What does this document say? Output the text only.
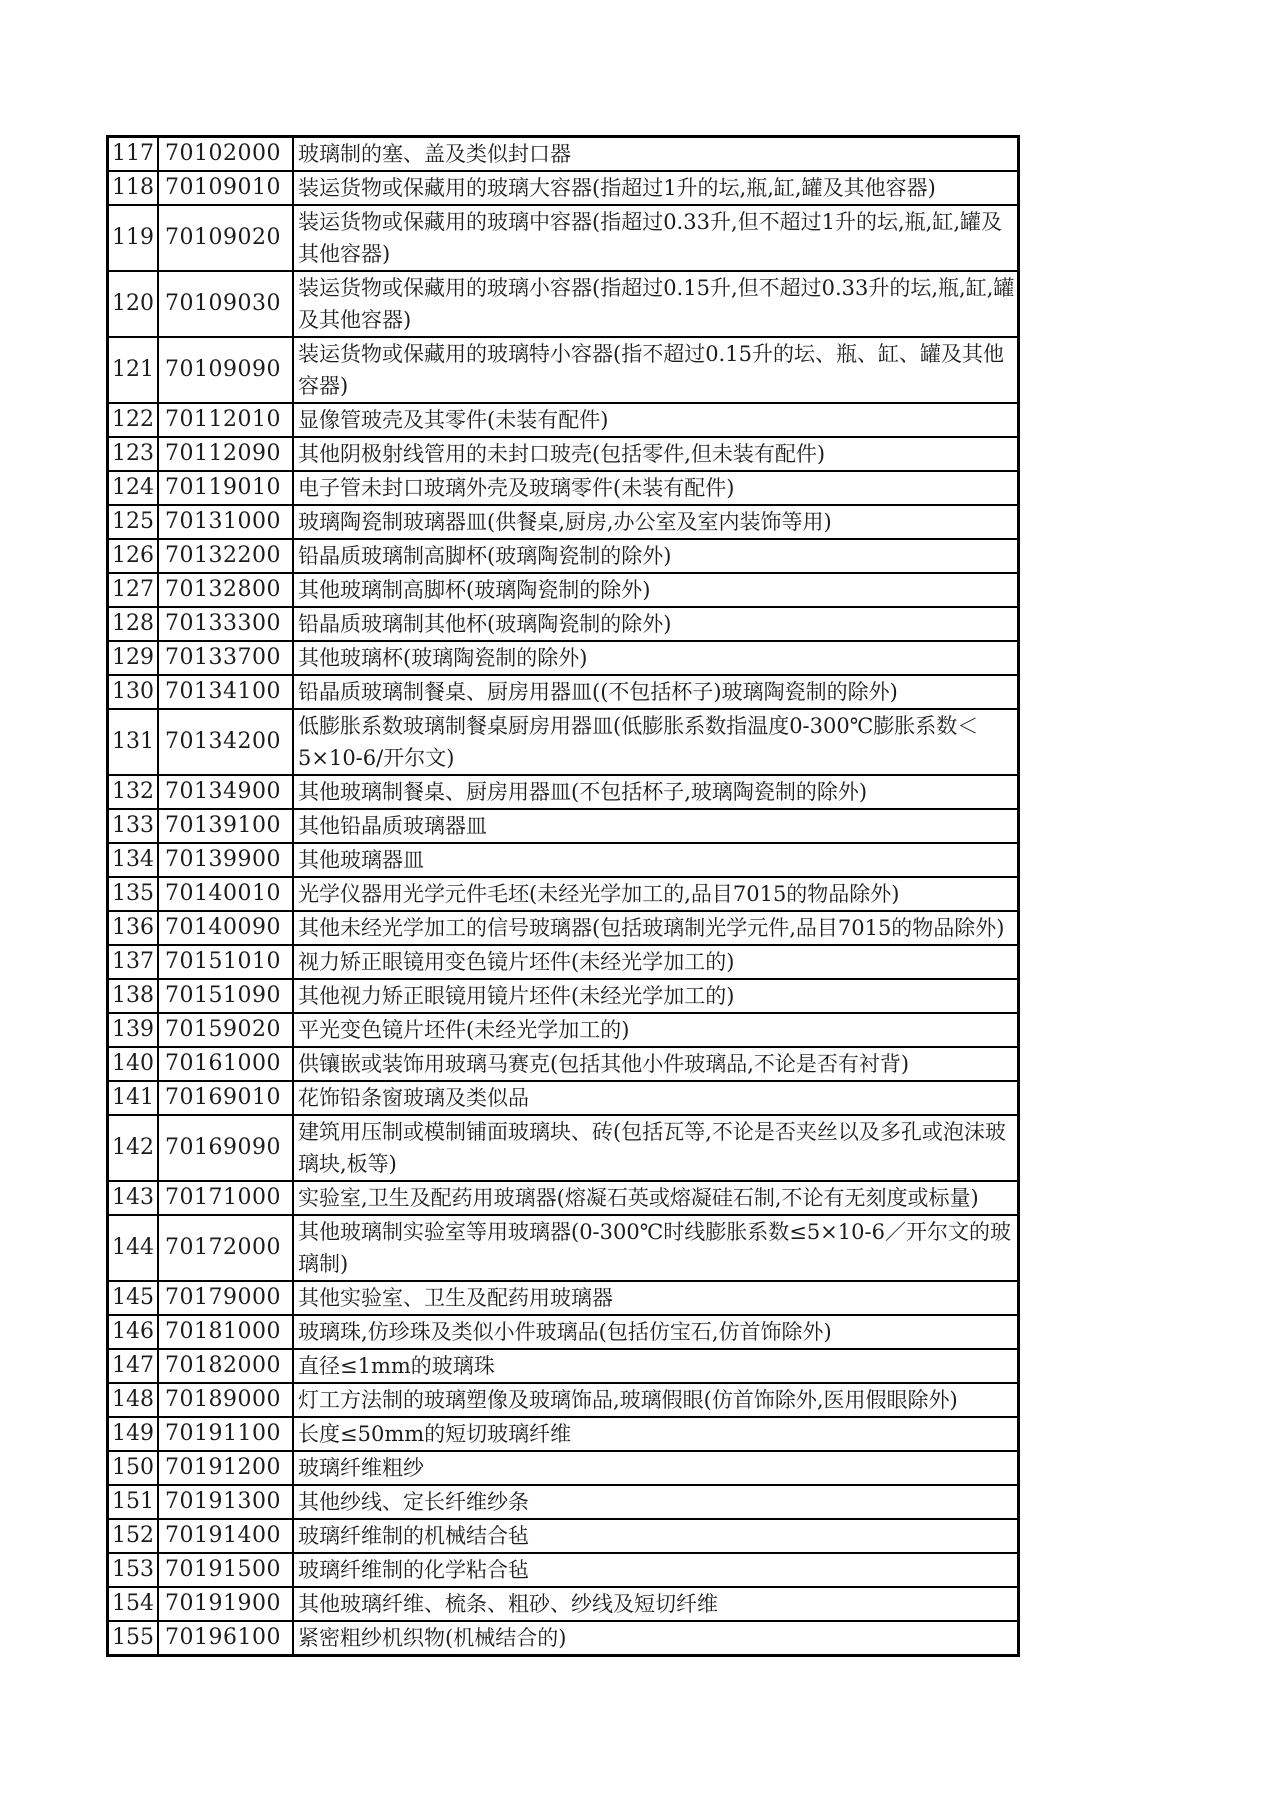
117	70102000	玻璃制的塞、盖及类似封口器
118	70109010	装运货物或保藏用的玻璃大容器(指超过1升的坛,瓶,缸,罐及其他容器)
119	70109020	装运货物或保藏用的玻璃中容器(指超过0.33升,但不超过1升的坛,瓶,缸,罐及其他容器)
120	70109030	装运货物或保藏用的玻璃小容器(指超过0.15升,但不超过0.33升的坛,瓶,缸,罐及其他容器)
121	70109090	装运货物或保藏用的玻璃特小容器(指不超过0.15升的坛、瓶、缸、罐及其他容器)
122	70112010	显像管玻壳及其零件(未装有配件)
123	70112090	其他阴极射线管用的未封口玻壳(包括零件,但未装有配件)
124	70119010	电子管未封口玻璃外壳及玻璃零件(未装有配件)
125	70131000	玻璃陶瓷制玻璃器皿(供餐桌,厨房,办公室及室内装饰等用)
126	70132200	铅晶质玻璃制高脚杯(玻璃陶瓷制的除外)
127	70132800	其他玻璃制高脚杯(玻璃陶瓷制的除外)
128	70133300	铅晶质玻璃制其他杯(玻璃陶瓷制的除外)
129	70133700	其他玻璃杯(玻璃陶瓷制的除外)
130	70134100	铅晶质玻璃制餐桌、厨房用器皿((不包括杯子)玻璃陶瓷制的除外)
131	70134200	低膨胀系数玻璃制餐桌厨房用器皿(低膨胀系数指温度0-300℃膨胀系数＜5×10-6/开尔文)
132	70134900	其他玻璃制餐桌、厨房用器皿(不包括杯子,玻璃陶瓷制的除外)
133	70139100	其他铅晶质玻璃器皿
134	70139900	其他玻璃器皿
135	70140010	光学仪器用光学元件毛坯(未经光学加工的,品目7015的物品除外)
136	70140090	其他未经光学加工的信号玻璃器(包括玻璃制光学元件,品目7015的物品除外)
137	70151010	视力矫正眼镜用变色镜片坯件(未经光学加工的)
138	70151090	其他视力矫正眼镜用镜片坯件(未经光学加工的)
139	70159020	平光变色镜片坯件(未经光学加工的)
140	70161000	供镶嵌或装饰用玻璃马赛克(包括其他小件玻璃品,不论是否有衬背)
141	70169010	花饰铅条窗玻璃及类似品
142	70169090	建筑用压制或模制铺面玻璃块、砖(包括瓦等,不论是否夹丝以及多孔或泡沫玻璃块,板等)
143	70171000	实验室,卫生及配药用玻璃器(熔凝石英或熔凝硅石制,不论有无刻度或标量)
144	70172000	其他玻璃制实验室等用玻璃器(0-300℃时线膨胀系数≤5×10-6／开尔文的玻璃制)
145	70179000	其他实验室、卫生及配药用玻璃器
146	70181000	玻璃珠,仿珍珠及类似小件玻璃品(包括仿宝石,仿首饰除外)
147	70182000	直径≤1mm的玻璃珠
148	70189000	灯工方法制的玻璃塑像及玻璃饰品,玻璃假眼(仿首饰除外,医用假眼除外)
149	70191100	长度≤50mm的短切玻璃纤维
150	70191200	玻璃纤维粗纱
151	70191300	其他纱线、定长纤维纱条
152	70191400	玻璃纤维制的机械结合毡
153	70191500	玻璃纤维制的化学粘合毡
154	70191900	其他玻璃纤维、梳条、粗砂、纱线及短切纤维
155	70196100	紧密粗纱机织物(机械结合的)
